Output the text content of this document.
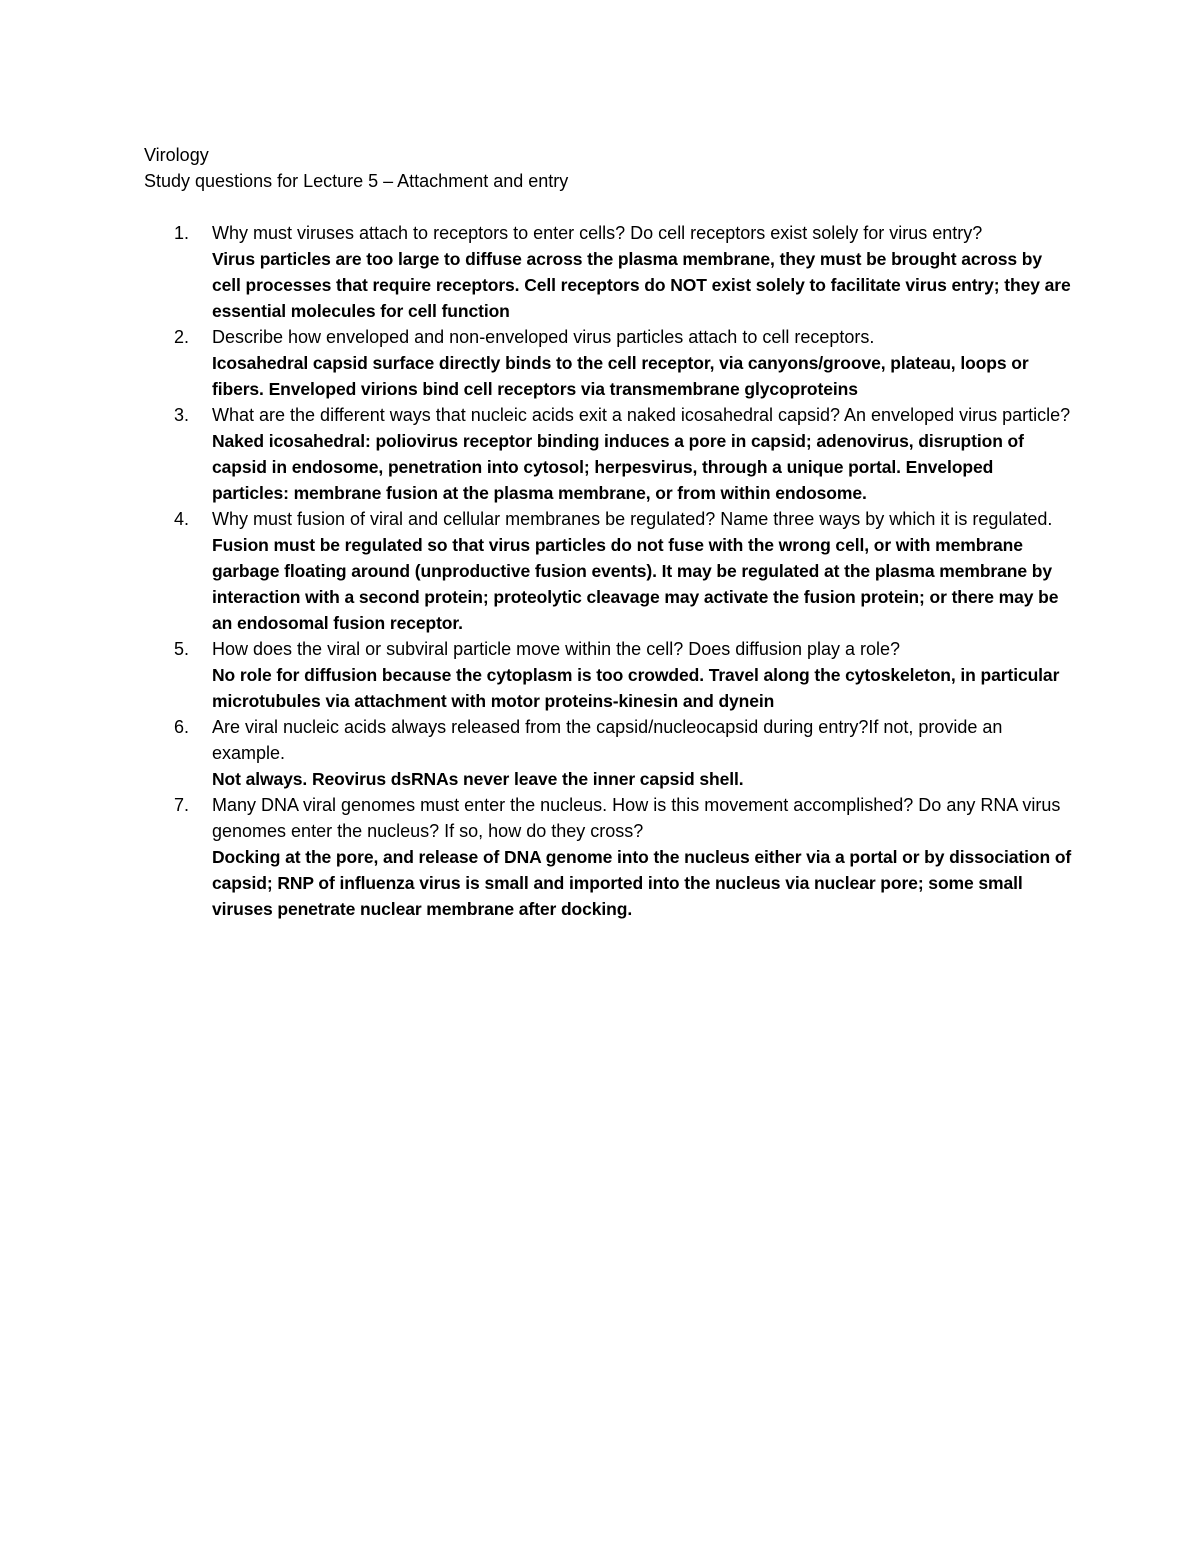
Virology
Study questions for Lecture 5 – Attachment and entry
1.	Why must viruses attach to receptors to enter cells? Do cell receptors exist solely for virus entry?
Virus particles are too large to diffuse across the plasma membrane, they must be brought across by cell processes that require receptors. Cell receptors do NOT exist solely to facilitate virus entry; they are essential molecules for cell function
2.	Describe how enveloped and non-enveloped virus particles attach to cell receptors.
Icosahedral capsid surface directly binds to the cell receptor, via canyons/groove, plateau, loops or fibers. Enveloped virions bind cell receptors via transmembrane glycoproteins
3.	What are the different ways that nucleic acids exit a naked icosahedral capsid? An enveloped virus particle?
Naked icosahedral: poliovirus receptor binding induces a pore in capsid; adenovirus, disruption of capsid in endosome, penetration into cytosol; herpesvirus, through a unique portal. Enveloped particles: membrane fusion at the plasma membrane, or from within endosome.
4.	Why must fusion of viral and cellular membranes be regulated? Name three ways by which it is regulated.
Fusion must be regulated so that virus particles do not fuse with the wrong cell, or with membrane garbage floating around (unproductive fusion events). It may be regulated at the plasma membrane by interaction with a second protein; proteolytic cleavage may activate the fusion protein; or there may be an endosomal fusion receptor.
5.	How does the viral or subviral particle move within the cell? Does diffusion play a role?
No role for diffusion because the cytoplasm is too crowded. Travel along the cytoskeleton, in particular microtubules via attachment with motor proteins-kinesin and dynein
6.	Are viral nucleic acids always released from the capsid/nucleocapsid during entry?If not, provide an example.
Not always. Reovirus dsRNAs never leave the inner capsid shell.
7.	Many DNA viral genomes must enter the nucleus. How is this movement accomplished? Do any RNA virus genomes enter the nucleus? If so, how do they cross?
Docking at the pore, and release of DNA genome into the nucleus either via a portal or by dissociation of capsid; RNP of influenza virus is small and imported into the nucleus via nuclear pore; some small viruses penetrate nuclear membrane after docking.
